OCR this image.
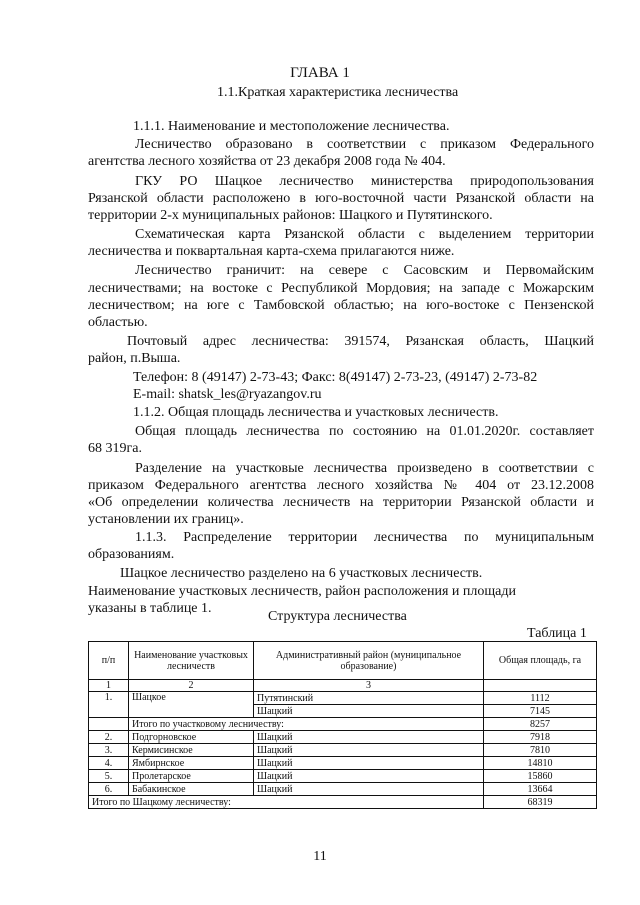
ГЛАВА 1
1.1.Краткая характеристика лесничества
1.1.1. Наименование и местоположение лесничества.
Лесничество образовано в соответствии с приказом Федерального
агентства лесного хозяйства от 23 декабря 2008 года № 404.
ГКУ РО Шацкое лесничество министерства природопользования
Рязанской области расположено в юго-восточной части Рязанской области на
территории 2-х муниципальных районов: Шацкого и Путятинского.
Схематическая карта Рязанской области с выделением территории
лесничества и поквартальная карта-схема прилагаются ниже.
Лесничество граничит: на севере с Сасовским и Первомайским
лесничествами; на востоке с Республикой Мордовия; на западе с Можарским
лесничеством; на юге с Тамбовской областью; на юго-востоке с Пензенской
областью.
Почтовый адрес лесничества: 391574, Рязанская область, Шацкий
район, п.Выша.
Телефон: 8 (49147) 2-73-43; Факс: 8(49147) 2-73-23, (49147) 2-73-82
E-mail: shatsk_les@ryazangov.ru
1.1.2. Общая площадь лесничества и участковых лесничеств.
Общая площадь лесничества по состоянию на 01.01.2020г. составляет
68 319га.
Разделение на участковые лесничества произведено в соответствии с
приказом Федерального агентства лесного хозяйства № 404 от 23.12.2008
«Об определении количества лесничеств на территории Рязанской области и
установлении их границ».
1.1.3. Распределение территории лесничества по муниципальным
образованиям.
Шацкое лесничество разделено на 6 участковых лесничеств.
Наименование участковых лесничеств, район расположения и площади
указаны в таблице 1.
Структура лесничества
Таблица 1
п/п	Наименование участковых лесничеств	Административный район (муниципальное образование)	Общая площадь, га
1	2	3	
1.	Шацкое	Путятинский	1112
		Шацкий	7145
	Итого по участковому лесничеству:		8257
2.	Подгорновское	Шацкий	7918
3.	Кермисинское	Шацкий	7810
4.	Ямбирнское	Шацкий	14810
5.	Пролетарское	Шацкий	15860
6.	Бабакинское	Шацкий	13664
Итого по Шацкому лесничеству:			68319
11
